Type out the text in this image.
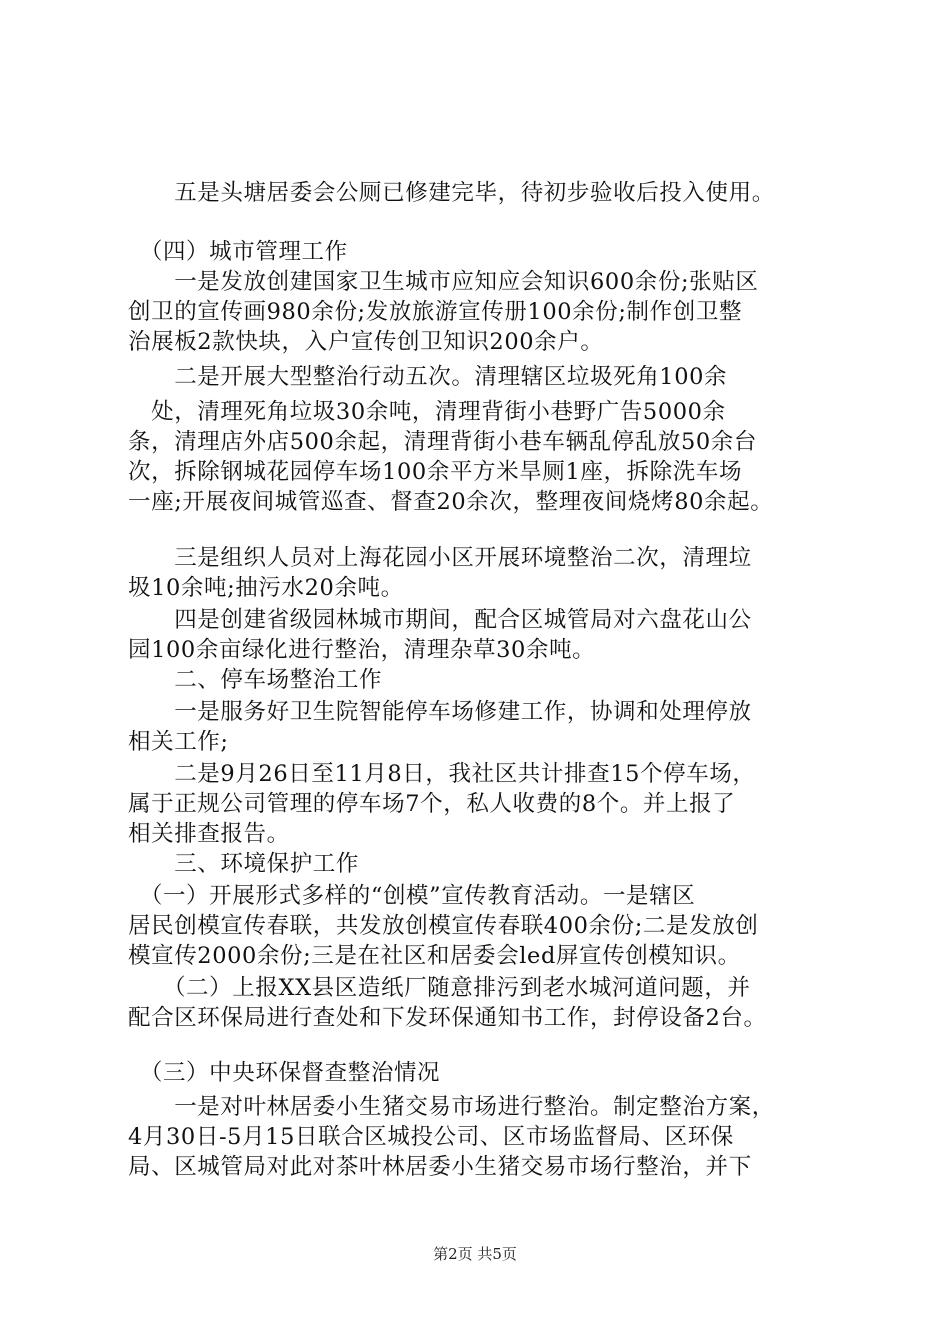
　　五是头塘居委会公厕已修建完毕，待初步验收后投入使用。
　（四）城市管理工作
　　一是发放创建国家卫生城市应知应会知识600余份;张贴区
创卫的宣传画980余份;发放旅游宣传册100余份;制作创卫整
治展板2款快块，入户宣传创卫知识200余户。
　　二是开展大型整治行动五次。清理辖区垃圾死角100余
　处，清理死角垃圾30余吨，清理背街小巷野广告5000余
条，清理店外店500余起，清理背街小巷车辆乱停乱放50余台
次，拆除钢城花园停车场100余平方米旱厕1座，拆除洗车场
一座;开展夜间城管巡查、督查20余次，整理夜间烧烤80余起。
　　三是组织人员对上海花园小区开展环境整治二次，清理垃
圾10余吨;抽污水20余吨。
　　四是创建省级园林城市期间，配合区城管局对六盘花山公
园100余亩绿化进行整治，清理杂草30余吨。
　　二、停车场整治工作
　　一是服务好卫生院智能停车场修建工作，协调和处理停放
相关工作;
　　二是9月26日至11月8日，我社区共计排查15个停车场，
属于正规公司管理的停车场7个，私人收费的8个。并上报了
相关排查报告。
　　三、环境保护工作
　（一）开展形式多样的“创模”宣传教育活动。一是辖区
居民创模宣传春联，共发放创模宣传春联400余份;二是发放创
模宣传2000余份;三是在社区和居委会led屏宣传创模知识。
　　（二）上报XX县区造纸厂随意排污到老水城河道问题，并
配合区环保局进行查处和下发环保通知书工作，封停设备2台。
　（三）中央环保督查整治情况
　　一是对叶林居委小生猪交易市场进行整治。制定整治方案，
4月30日-5月15日联合区城投公司、区市场监督局、区环保
局、区城管局对此对茶叶林居委小生猪交易市场行整治，并下
第2页 共5页
